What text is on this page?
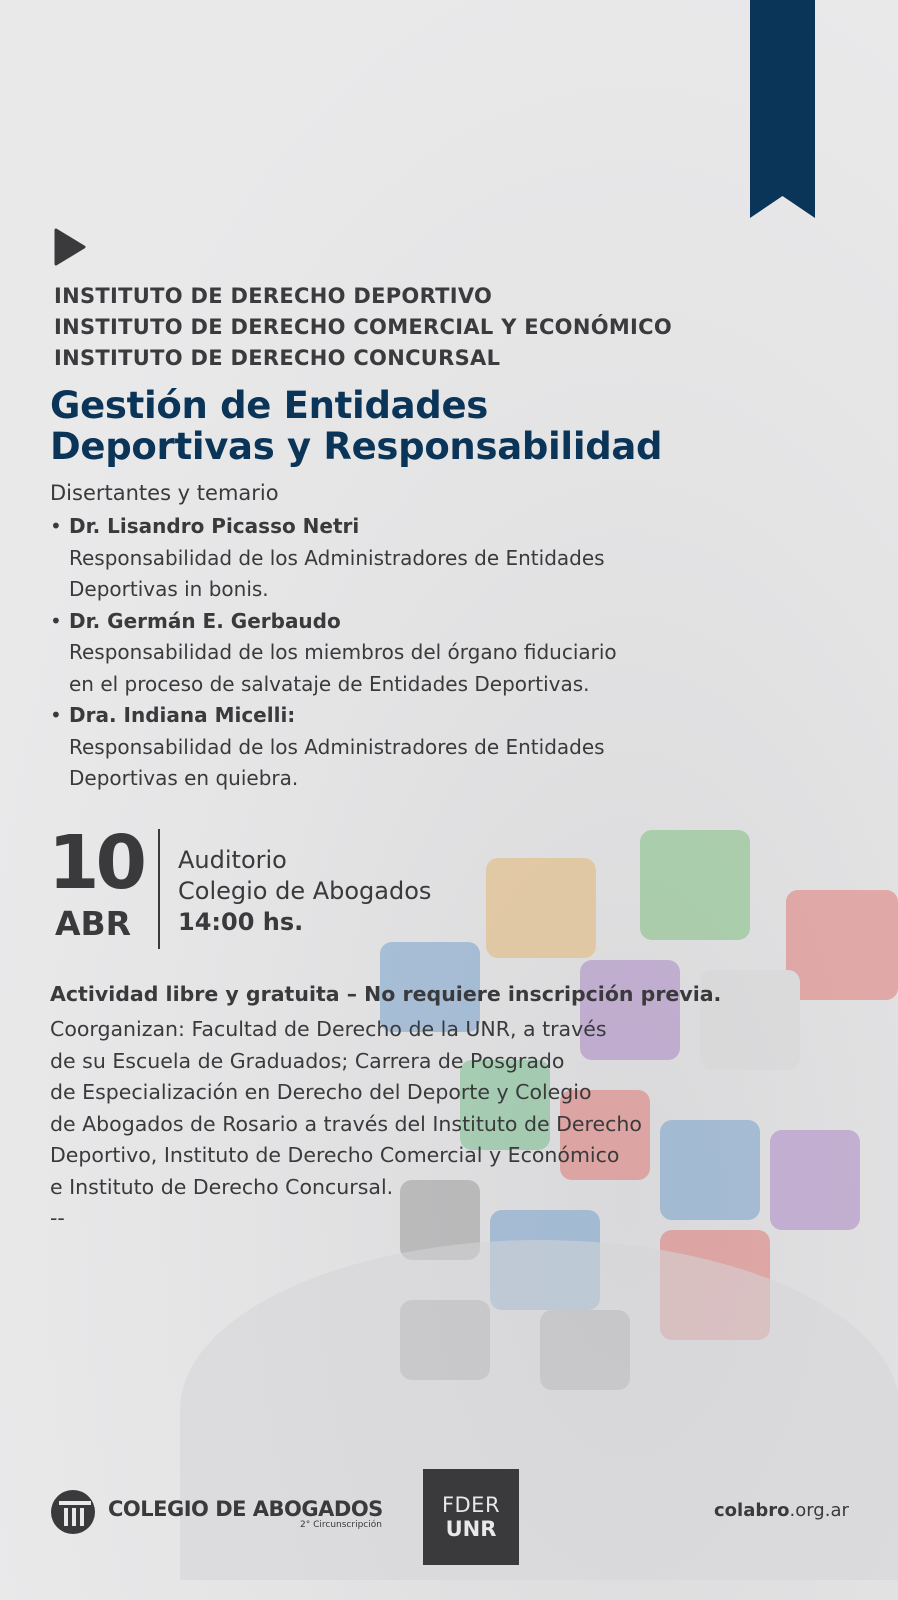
INSTITUTO DE DERECHO DEPORTIVO
INSTITUTO DE DERECHO COMERCIAL Y ECONÓMICO
INSTITUTO DE DERECHO CONCURSAL
Gestión de Entidades
Deportivas y Responsabilidad
Disertantes y temario
• Dr. Lisandro Picasso Netri
Responsabilidad de los Administradores de Entidades
Deportivas in bonis.
• Dr. Germán E. Gerbaudo
Responsabilidad de los miembros del órgano fiduciario
en el proceso de salvataje de Entidades Deportivas.
• Dra. Indiana Micelli:
Responsabilidad de los Administradores de Entidades
Deportivas en quiebra.
10
ABR
Auditorio
Colegio de Abogados
14:00 hs.
Actividad libre y gratuita – No requiere inscripción previa.

Coorganizan: Facultad de Derecho de la UNR, a través
de su Escuela de Graduados; Carrera de Posgrado
de Especialización en Derecho del Deporte y Colegio
de Abogados de Rosario a través del Instituto de Derecho
Deportivo, Instituto de Derecho Comercial y Económico
e Instituto de Derecho Concursal.
--

COLEGIO DE ABOGADOS
2° Circunscripción
FDER
UNR
colabro.org.ar
